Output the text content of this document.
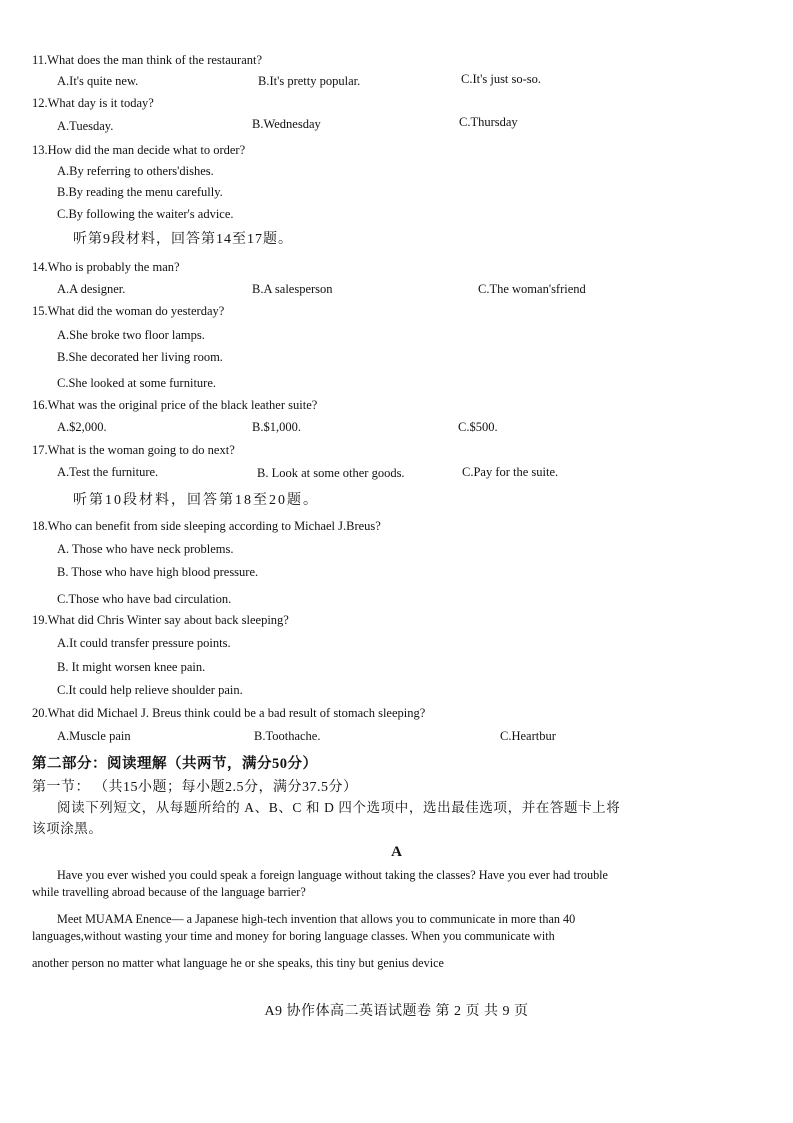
11.What does the man think of the restaurant?
A.It's quite new.	B.It's pretty popular.	C.It's just so-so.
12.What day is it today?
A.Tuesday.	B.Wednesday	C.Thursday
13.How did the man decide what to order?
A.By referring to others'dishes.
B.By reading the menu carefully.
C.By following the waiter's advice.
听第9段材料，回答第14至17题。
14.Who is probably the man?
A.A designer.	B.A salesperson	C.The woman'sfriend
15.What did the woman do yesterday?
A.She broke two floor lamps.
B.She decorated her living room.
C.She looked at some furniture.
16.What was the original price of the black leather suite?
A.$2,000.	B.$1,000.	C.$500.
17.What is the woman going to do next?
A.Test the furniture.	B. Look at some other goods.	C.Pay for the suite.
听第10段材料，回答第18至20题。
18.Who can benefit from side sleeping according to Michael J.Breus?
A. Those who have neck problems.
B. Those who have high blood pressure.
C.Those who have bad circulation.
19.What did Chris Winter say about back sleeping?
A.It could transfer pressure points.
B. It might worsen knee pain.
C.It could help relieve shoulder pain.
20.What did Michael J. Breus think could be a bad result of stomach sleeping?
A.Muscle pain	B.Toothache.	C.Heartbur
第二部分：阅读理解（共两节，满分50分）
第一节： （共15小题；每小题2.5分，满分37.5分）
阅读下列短文，从每题所给的 A、B、C 和 D 四个选项中，选出最佳选项，并在答题卡上将
该项涂黑。
A
Have you ever wished you could speak a foreign language without taking the classes? Have you ever had trouble
while travelling abroad because of the language barrier?
Meet MUAMA Enence— a Japanese high-tech invention that allows you to communicate in more than 40
languages,without wasting your time and money for boring language classes. When you communicate with
another person no matter what language he or she speaks, this tiny but genius device
A9 协作体高二英语试题卷 第 2 页 共 9 页
